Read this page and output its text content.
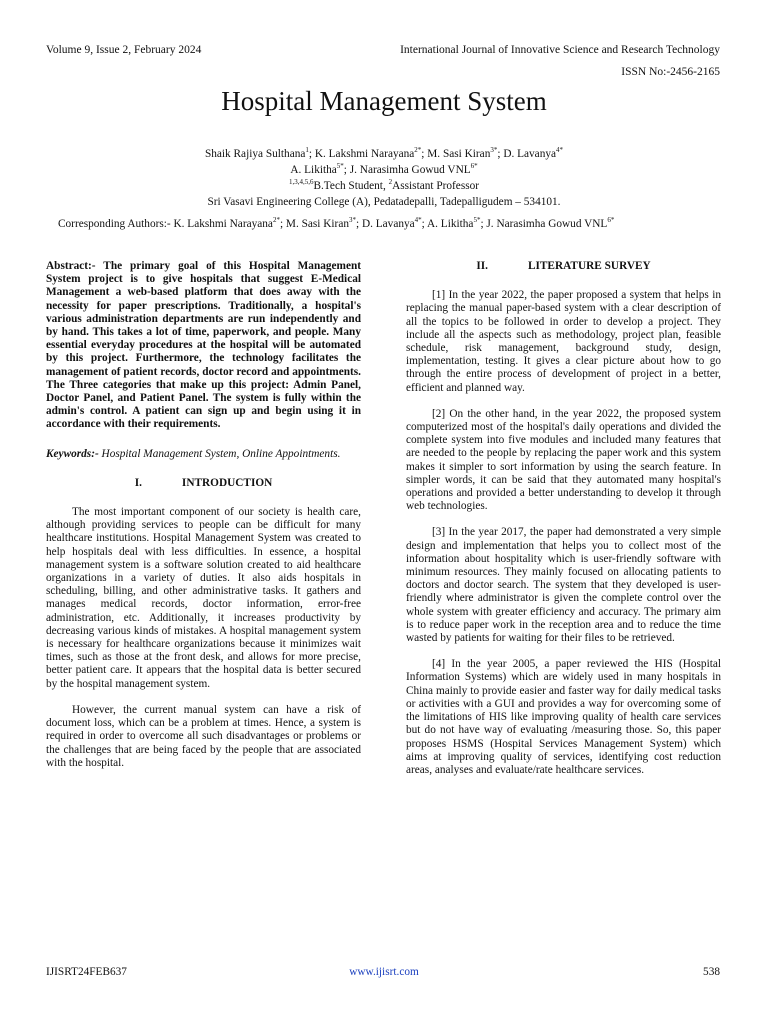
Volume 9, Issue 2, February 2024	International Journal of Innovative Science and Research Technology
ISSN No:-2456-2165
Hospital Management System
Shaik Rajiya Sulthana$^1$; K. Lakshmi Narayana$^{2*}$; M. Sasi Kiran$^{3*}$; D. Lavanya$^{4*}$
A. Likitha$^{5*}$; J. Narasimha Gowud $VNL^{6*}$
$^{1,3,4,5,6}$B.Tech Student, $^2$Assistant Professor
Sri Vasavi Engineering College (A), Pedatadepalli, Tadepalligudem – 534101.
Corresponding Authors:- K. Lakshmi Narayana$^{2*}$; M. Sasi Kiran$^{3*}$; D. Lavanya$^{4*}$; A. Likitha$^{5*}$; J. Narasimha Gowud $VNL^{6*}$

Abstract:- The primary goal of this Hospital Management System project is to give hospitals that suggest E-Medical Management a web-based platform that does away with the necessity for paper prescriptions. Traditionally, a hospital's various administration departments are run independently and by hand. This takes a lot of time, paperwork, and people. Many essential everyday procedures at the hospital will be automated by this project. Furthermore, the technology facilitates the management of patient records, doctor record and appointments. The Three categories that make up this project: Admin Panel, Doctor Panel, and Patient Panel. The system is fully within the admin's control. A patient can sign up and begin using it in accordance with their requirements.

Keywords:- Hospital Management System, Online Appointments.

I.	INTRODUCTION

The most important component of our society is health care, although providing services to people can be difficult for many healthcare institutions. Hospital Management System was created to help hospitals deal with less difficulties. In essence, a hospital management system is a software solution created to aid healthcare organizations in a variety of duties. It also aids hospitals in scheduling, billing, and other administrative tasks. It gathers and manages medical records, doctor information, error-free administration, etc. Additionally, it increases productivity by decreasing various kinds of mistakes. A hospital management system is necessary for healthcare organizations because it minimizes wait times, such as those at the front desk, and allows for more precise, better patient care. It appears that the hospital data is better secured by the hospital management system.

However, the current manual system can have a risk of document loss, which can be a problem at times. Hence, a system is required in order to overcome all such disadvantages or problems or the challenges that are being faced by the people that are associated with the hospital.

II.	LITERATURE SURVEY

[1] In the year 2022, the paper proposed a system that helps in replacing the manual paper-based system with a clear description of all the topics to be followed in order to develop a project. They include all the aspects such as methodology, project plan, feasible schedule, risk management, background study, design, implementation, testing. It gives a clear picture about how to go through the entire process of development of project in a better, efficient and planned way.

[2] On the other hand, in the year 2022, the proposed system computerized most of the hospital's daily operations and divided the complete system into five modules and included many features that are needed to the people by replacing the paper work and this system makes it simpler to sort information by using the search feature. In simpler words, it can be said that they automated many hospital's operations and provided a better understanding to develop it through web technologies.

[3] In the year 2017, the paper had demonstrated a very simple design and implementation that helps you to collect most of the information about hospitality which is user-friendly software with minimum resources. They mainly focused on allocating patients to doctors and doctor search. The system that they developed is user-friendly where administrator is given the complete control over the whole system with greater efficiency and accuracy. The primary aim is to reduce paper work in the reception area and to reduce the time wasted by patients for waiting for their files to be retrieved.

[4] In the year 2005, a paper reviewed the HIS (Hospital Information Systems) which are widely used in many hospitals in China mainly to provide easier and faster way for daily medical tasks or activities with a GUI and provides a way for overcoming some of the limitations of HIS like improving quality of health care services but do not have way of evaluating /measuring those. So, this paper proposes HSMS (Hospital Services Management System) which aims at improving quality of services, identifying cost reduction areas, analyses and evaluate/rate healthcare services.

IJISRT24FEB637	www.ijisrt.com	538
